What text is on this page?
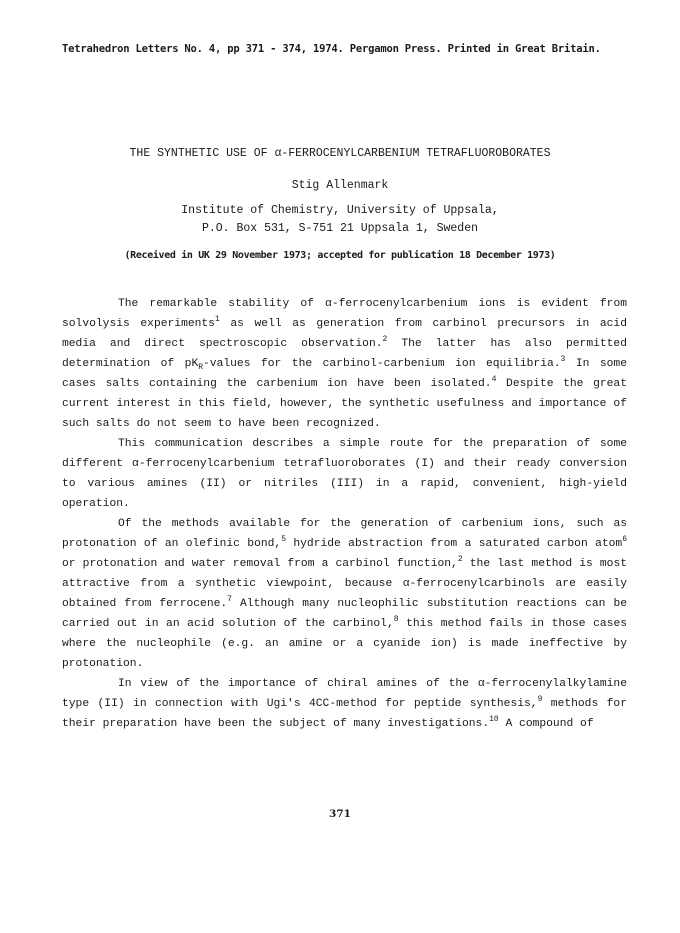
Tetrahedron Letters No. 4, pp 371 - 374, 1974. Pergamon Press. Printed in Great Britain.
THE SYNTHETIC USE OF α-FERROCENYLCARBENIUM TETRAFLUOROBORATES
Stig Allenmark
Institute of Chemistry, University of Uppsala,
P.O. Box 531, S-751 21 Uppsala 1, Sweden
(Received in UK 29 November 1973; accepted for publication 18 December 1973)

The remarkable stability of α-ferrocenylcarbenium ions is evident from solvolysis experiments$^1$ as well as generation from carbinol precursors in acid media and direct spectroscopic observation.$^2$ The latter has also permitted determination of $pK_R$-values for the carbinol-carbenium ion equilibria.$^3$ In some cases salts containing the carbenium ion have been isolated.$^4$ Despite the great current interest in this field, however, the synthetic usefulness and importance of such salts do not seem to have been recognized.

This communication describes a simple route for the preparation of some different α-ferrocenylcarbenium tetrafluoroborates (I) and their ready conversion to various amines (II) or nitriles (III) in a rapid, convenient, high-yield operation.

Of the methods available for the generation of carbenium ions, such as protonation of an olefinic bond,$^5$ hydride abstraction from a saturated carbon atom$^6$ or protonation and water removal from a carbinol function,$^2$ the last method is most attractive from a synthetic viewpoint, because α-ferrocenylcarbinols are easily obtained from ferrocene.$^7$ Although many nucleophilic substitution reactions can be carried out in an acid solution of the carbinol,$^8$ this method fails in those cases where the nucleophile (e.g. an amine or a cyanide ion) is made ineffective by protonation.

In view of the importance of chiral amines of the α-ferrocenylalkylamine type (II) in connection with Ugi's 4CC-method for peptide synthesis,$^9$ methods for their preparation have been the subject of many investigations.$^{10}$ A compound of

371
